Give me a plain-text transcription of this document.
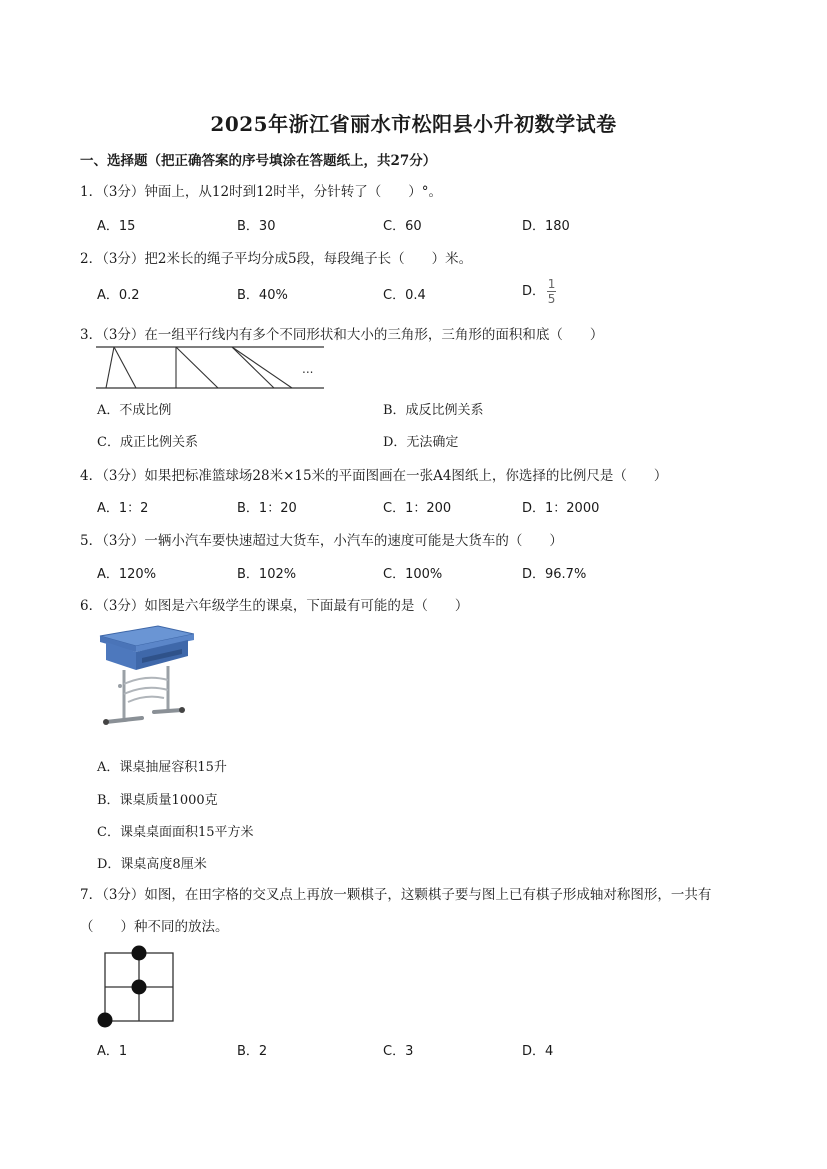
2025年浙江省丽水市松阳县小升初数学试卷
一、选择题（把正确答案的序号填涂在答题纸上，共27分）
1．（3分）钟面上，从12时到12时半，分针转了（　　）°。
A．15	B．30	C．60	D．180
2．（3分）把2米长的绳子平均分成5段，每段绳子长（　　）米。
A．0.2	B．40%	C．0.4	D． $\frac{1}{5}$
3．（3分）在一组平行线内有多个不同形状和大小的三角形，三角形的面积和底（　　）
...
A．不成比例	B．成反比例关系
C．成正比例关系	D．无法确定
4．（3分）如果把标准篮球场28米×15米的平面图画在一张A4图纸上，你选择的比例尺是（　　）
A．1：2	B．1：20	C．1：200	D．1：2000
5．（3分）一辆小汽车要快速超过大货车，小汽车的速度可能是大货车的（　　）
A．120%	B．102%	C．100%	D．96.7%
6．（3分）如图是六年级学生的课桌，下面最有可能的是（　　）
A．课桌抽屉容积15升
B．课桌质量1000克
C．课桌桌面面积15平方米
D．课桌高度8厘米
7．（3分）如图，在田字格的交叉点上再放一颗棋子，这颗棋子要与图上已有棋子形成轴对称图形，一共有（　　）种不同的放法。
A．1	B．2	C．3	D．4
